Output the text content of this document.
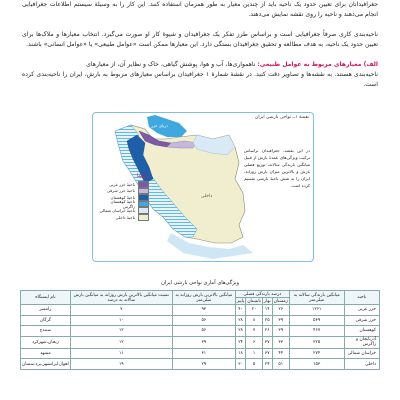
جغرافیدانان برای تعیین حدود یک ناحیه باید از چندین معیار به طور همزمان استفاده کنند. این کار را به وسیلهٔ سیستم اطلاعات جغرافیایی انجام می‌دهند و ناحیه را روی نقشه نمایش می‌دهند.
ناحیه‌بندی کاری صرفاً جغرافیایی است و براساس طرز تفکر یک جغرافیدان و شیوهٔ کار او صورت می‌گیرد. انتخاب معیارها و ملاک‌ها برای تعیین حدود یک ناحیه، به هدف مطالعه و تحقیق جغرافیدان بستگی دارد. این معیارها ممکن است «عوامل طبیعی» یا «عوامل انسانی» باشند.
الف) معیارهای مربوط به عوامل طبیعی: ناهمواری‌ها، آب و هوا، پوشش گیاهی، خاک و نظایر آن، از معیارهای
ناحیه‌بندی هستند. به نقشه‌ها و تصاویر دقت کنید. در نقشهٔ شمارهٔ ۱ جغرافیدان براساس معیارهای مربوط به بارش، ایران را ناحیه‌بندی کرده است.
دریای خزر
داخلی
نقشهٔ ۱ــ نواحی بارشی ایران
در این نقشه، جغرافیدان براساس ترکیب ویژگی‌های عمدهٔ بارش از قبیل میانگین بارندگی سالانه، توزیع فصلی بارش و بالاترین میزان بارش روزانه، ایران را به شش ناحیهٔ بارشی تقسیم کرده است.
راهنما
ناحیهٔ خزر غربی
ناحیهٔ خزر شرقی
ناحیهٔ کوهستان
ناحیهٔ کوهستان زاگرس
ناحیهٔ خراسان شمالی
ناحیهٔ داخلی
ویژگی‌های آماری نواحی بارشی ایران
ناحیه	میانگین بارندگی سالانه به میلی‌متر	درصد بارندگی فصلی				میانگین بالاترین بارش روزانه به میلی‌متر	نسبت میانگین بالاترین بارش روزانه به میانگین بارش سالانه به درصد	نام ایستگاه
		زمستان	بهار	تابستان	پاییز			
خزر غربی	۱۲۶۱	۲۶	۱۴	۲۰	۴۰	۹۳	۷	رامسر
خزر شرقی	۵۳۹	۳۹	۲۵	۸	۲۸	۵۶	۱۰	گرگان
کوهستان	۴۶۷	۳۹	۲۶	۷	۲۸	۵۶	۱۲	سنندج
آذربایجان و زاگرس	۳۲۵	۳۳	۳۷	۶	۲۴	۳۹	۱۲	زنجان،شهرکرد
خراسان شمالی	۲۷۴	۴۴	۳۷	۱	۱۸	۳۱	۱۱	مشهد
داخلی	۱۵۳	۵۱	۲۴	۵	۲۰	۲۹	۱۹	اهواز،ایرانشهر،یزد،سمنان
